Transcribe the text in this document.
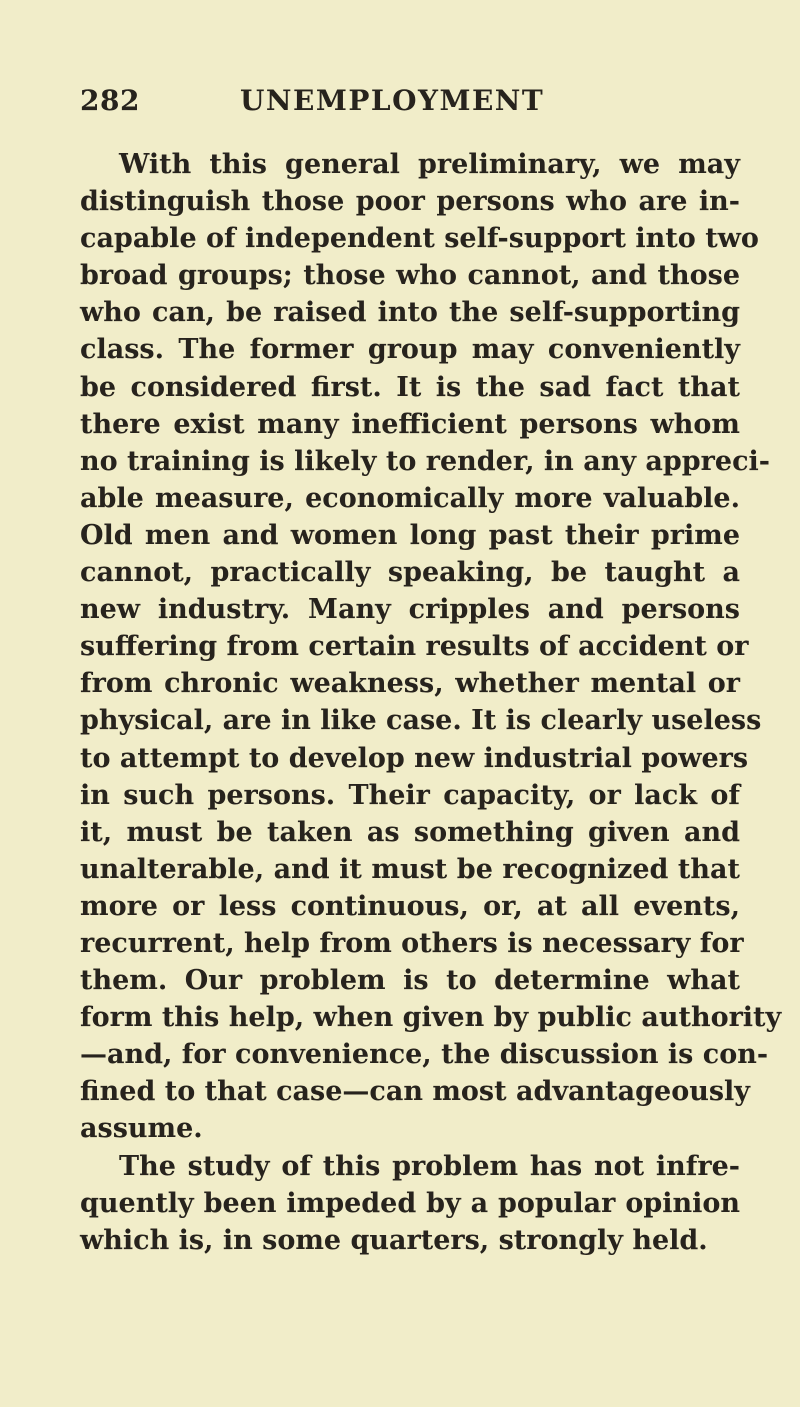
282	UNEMPLOYMENT
With this general preliminary, we may
distinguish those poor persons who are in-
capable of independent self-support into two
broad groups; those who cannot, and those
who can, be raised into the self-supporting
class. The former group may conveniently
be considered first. It is the sad fact that
there exist many inefficient persons whom
no training is likely to render, in any appreci-
able measure, economically more valuable.
Old men and women long past their prime
cannot, practically speaking, be taught a
new industry. Many cripples and persons
suffering from certain results of accident or
from chronic weakness, whether mental or
physical, are in like case. It is clearly useless
to attempt to develop new industrial powers
in such persons. Their capacity, or lack of
it, must be taken as something given and
unalterable, and it must be recognized that
more or less continuous, or, at all events,
recurrent, help from others is necessary for
them. Our problem is to determine what
form this help, when given by public authority
—and, for convenience, the discussion is con-
fined to that case—can most advantageously
assume.
The study of this problem has not infre-
quently been impeded by a popular opinion
which is, in some quarters, strongly held.
